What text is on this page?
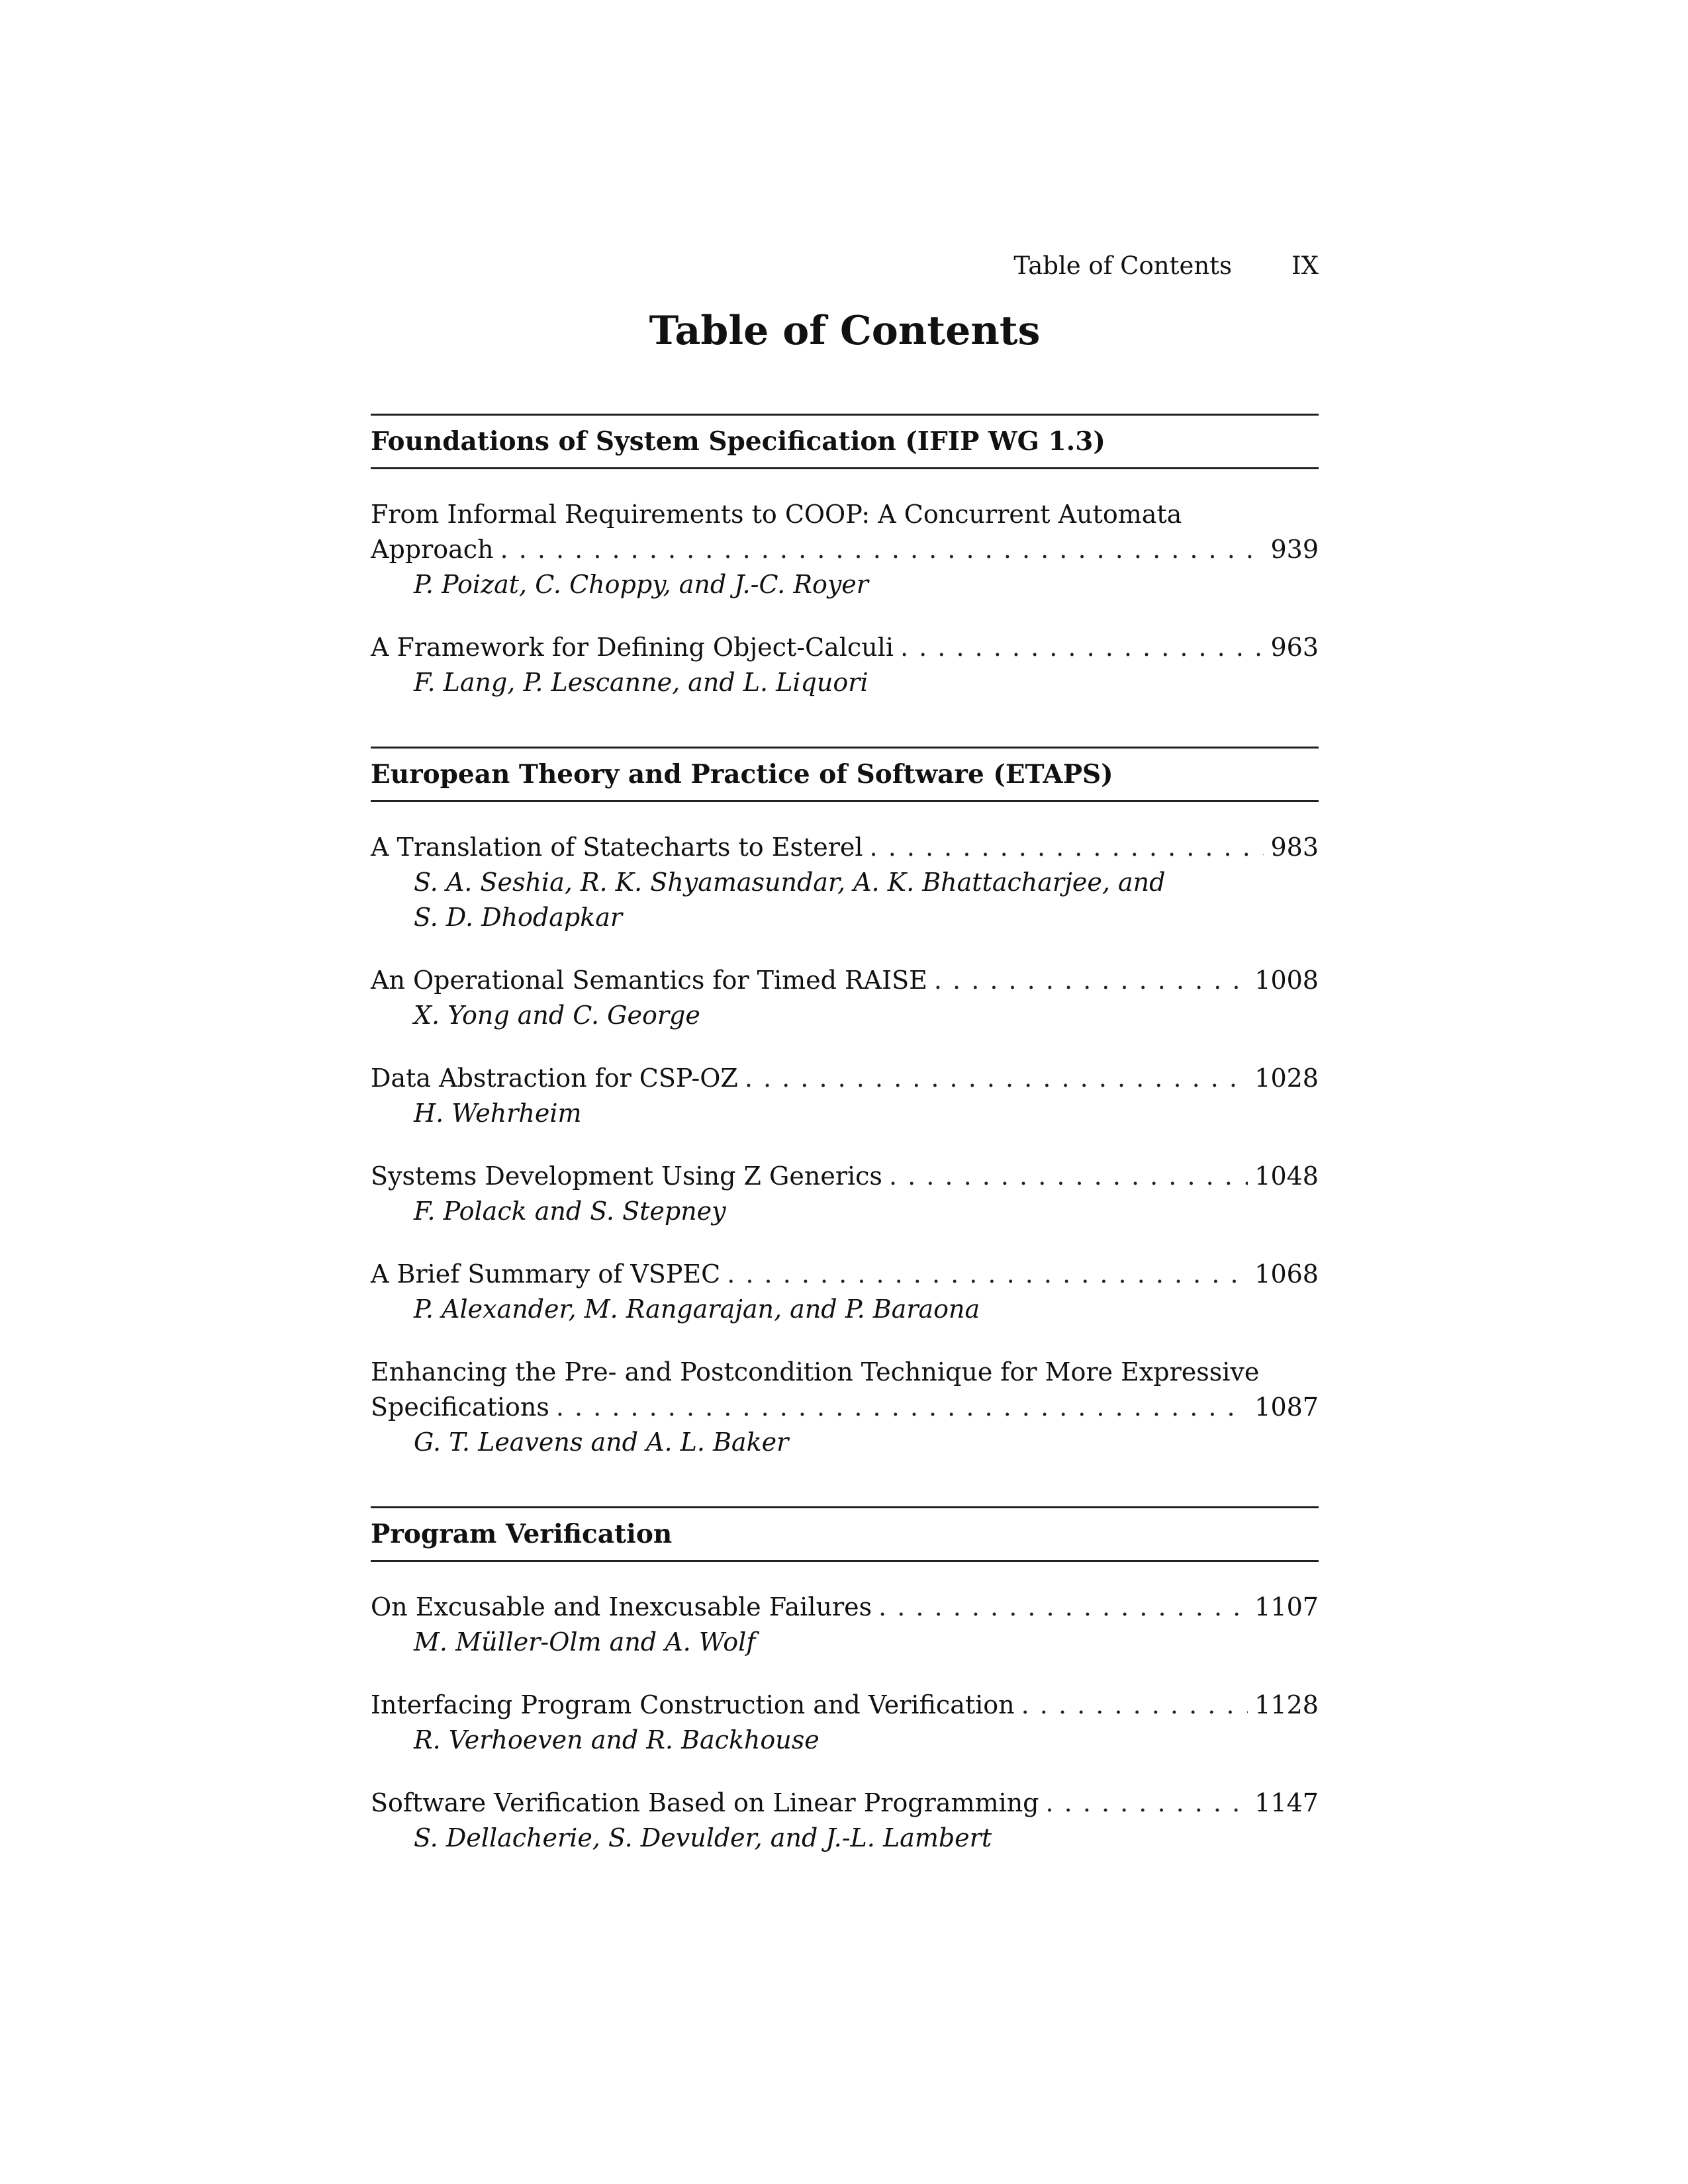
Table of Contents IX
Table of Contents
Foundations of System Specification (IFIP WG 1.3)
From Informal Requirements to COOP: A Concurrent Automata
Approach . . .	939
P. Poizat, C. Choppy, and J.-C. Royer
A Framework for Defining Object-Calculi . . .	963
F. Lang, P. Lescanne, and L. Liquori
European Theory and Practice of Software (ETAPS)
A Translation of Statecharts to Esterel . . .	983
S. A. Seshia, R. K. Shyamasundar, A. K. Bhattacharjee, and
S. D. Dhodapkar
An Operational Semantics for Timed RAISE . . .	1008
X. Yong and C. George
Data Abstraction for CSP-OZ . . .	1028
H. Wehrheim
Systems Development Using Z Generics . . .	1048
F. Polack and S. Stepney
A Brief Summary of VSPEC . . .	1068
P. Alexander, M. Rangarajan, and P. Baraona
Enhancing the Pre- and Postcondition Technique for More Expressive
Specifications . . .	1087
G. T. Leavens and A. L. Baker
Program Verification
On Excusable and Inexcusable Failures . . .	1107
M. Müller-Olm and A. Wolf
Interfacing Program Construction and Verification . . .	1128
R. Verhoeven and R. Backhouse
Software Verification Based on Linear Programming . . .	1147
S. Dellacherie, S. Devulder, and J.-L. Lambert
